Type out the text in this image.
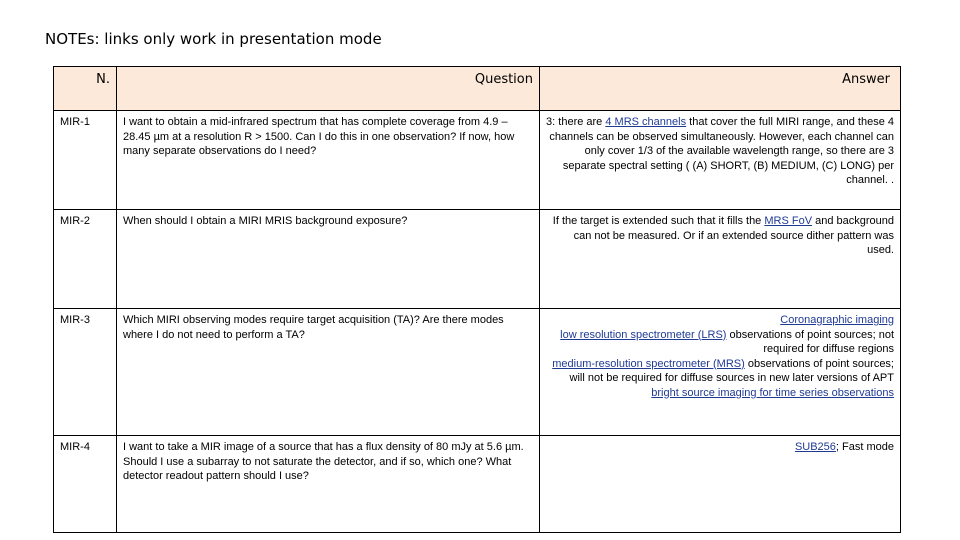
NOTEs: links only work in presentation mode
N.	Question	Answer
MIR-1	I want to obtain a mid-infrared spectrum that has complete coverage from 4.9 – 28.45 µm at a resolution R > 1500. Can I do this in one observation? If now, how many separate observations do I need?	3: there are 4 MRS channels that cover the full MIRI range, and these 4 channels can be observed simultaneously. However, each channel can only cover 1/3 of the available wavelength range, so there are 3 separate spectral setting ( (A) SHORT, (B) MEDIUM, (C) LONG) per channel. .
MIR-2	When should I obtain a MIRI MRIS background exposure?	If the target is extended such that it fills the MRS FoV and background can not be measured. Or if an extended source dither pattern was used.
MIR-3	Which MIRI observing modes require target acquisition (TA)? Are there modes where I do not need to perform a TA?	Coronagraphic imaging
low resolution spectrometer (LRS) observations of point sources; not required for diffuse regions
medium-resolution spectrometer (MRS) observations of point sources; will not be required for diffuse sources in new later versions of APT
bright source imaging for time series observations

MIR-4	I want to take a MIR image of a source that has a flux density of 80 mJy at 5.6 µm. Should I use a subarray to not saturate the detector, and if so, which one? What detector readout pattern should I use?	SUB256; Fast mode
